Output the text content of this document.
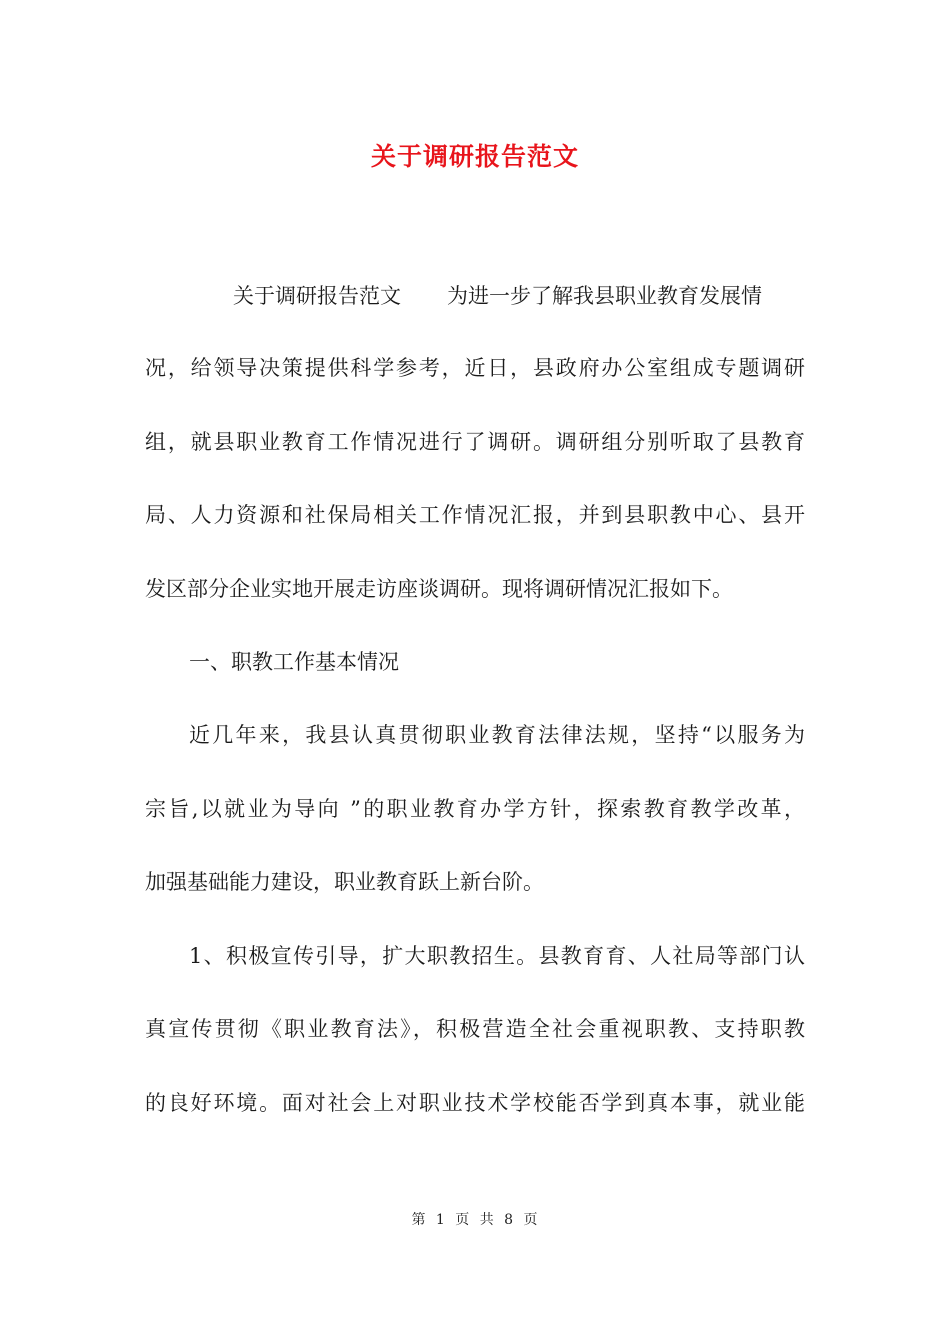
关于调研报告范文
关于调研报告范文 为进一步了解我县职业教育发展情
况，给领导决策提供科学参考，近日，县政府办公室组成专题调研
组，就县职业教育工作情况进行了调研。调研组分别听取了县教育
局、人力资源和社保局相关工作情况汇报，并到县职教中心、县开
发区部分企业实地开展走访座谈调研。现将调研情况汇报如下。
一、职教工作基本情况
近几年来，我县认真贯彻职业教育法律法规，坚持“以服务为
宗旨,以就业为导向 ”的职业教育办学方针，探索教育教学改革，
加强基础能力建设，职业教育跃上新台阶。
1、积极宣传引导，扩大职教招生。县教育育、人社局等部门认
真宣传贯彻《职业教育法》，积极营造全社会重视职教、支持职教
的良好环境。面对社会上对职业技术学校能否学到真本事，就业能
第 1 页 共 8 页
